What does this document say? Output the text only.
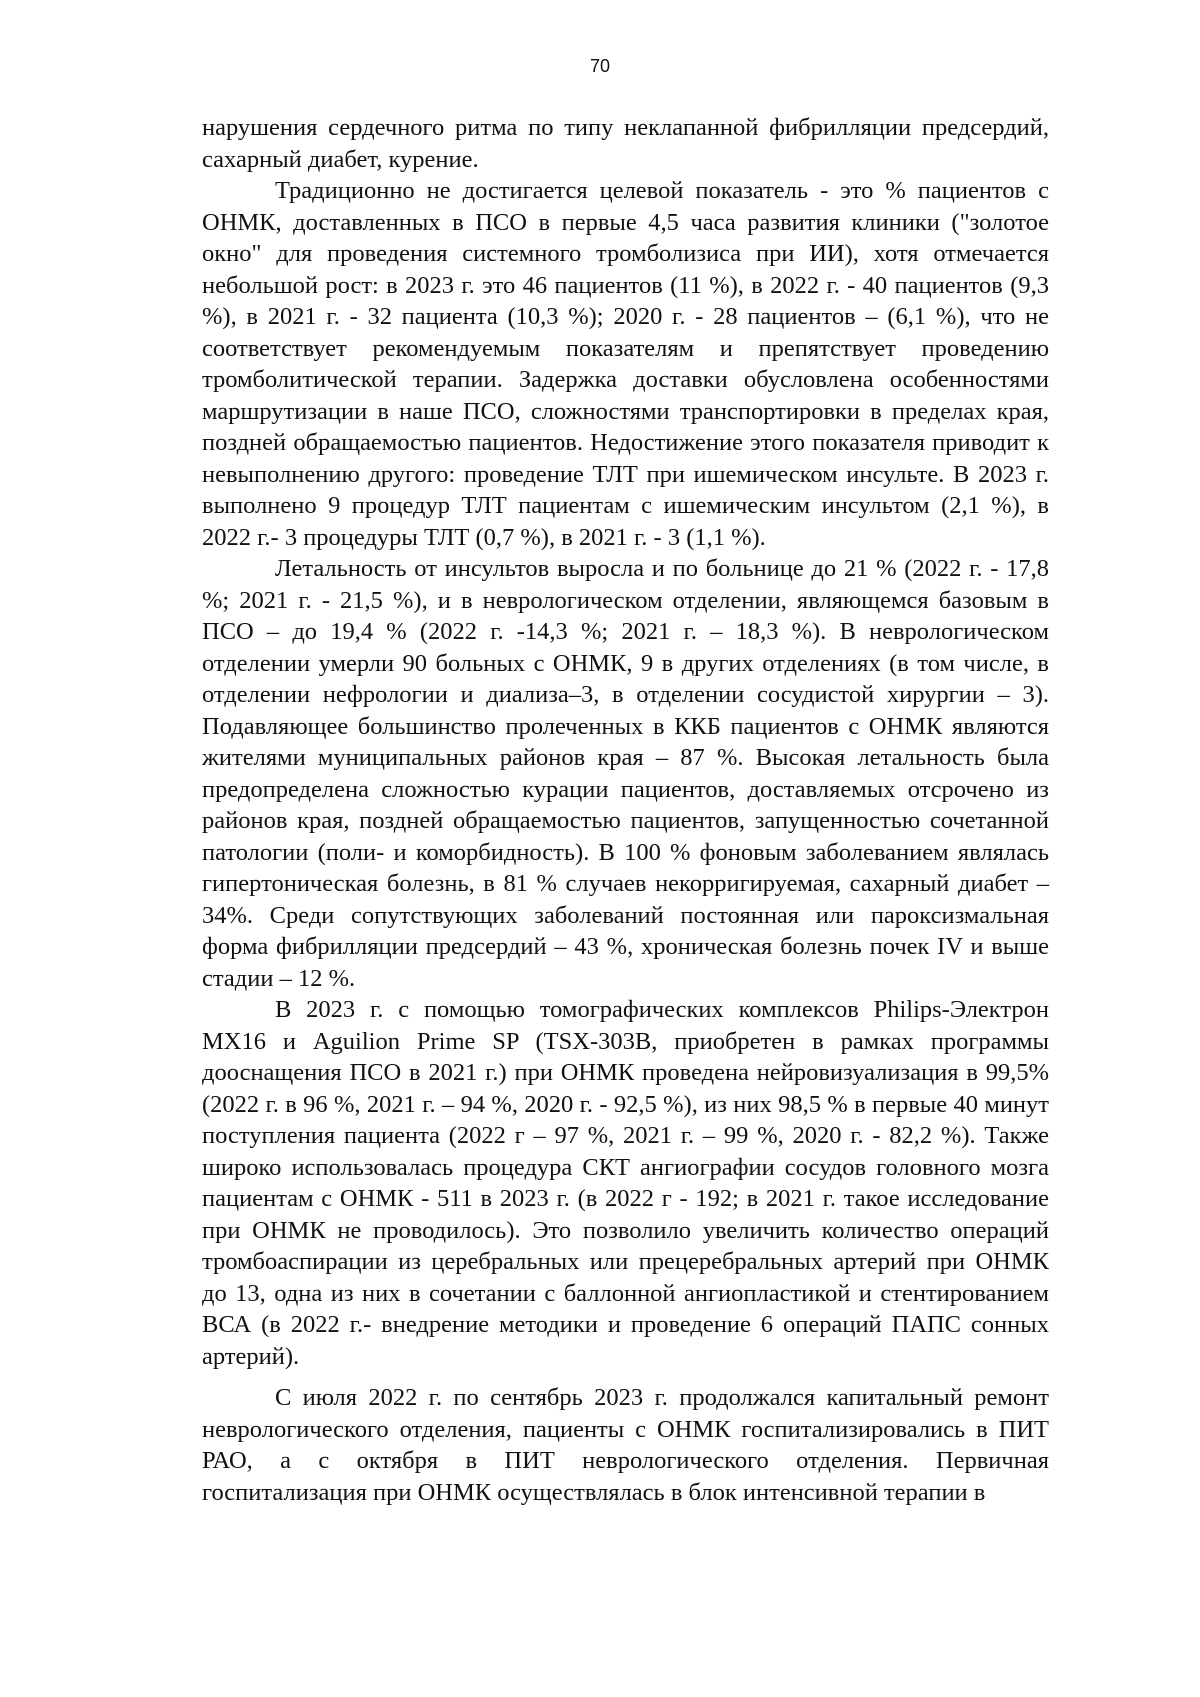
70

нарушения сердечного ритма по типу неклапанной фибрилляции предсердий, сахарный диабет, курение.

Традиционно не достигается целевой показатель - это % пациентов с ОНМК, доставленных в ПСО в первые 4,5 часа развития клиники ("золотое окно" для проведения системного тромболизиса при ИИ), хотя отмечается небольшой рост: в 2023 г. это 46 пациентов (11 %), в 2022 г. - 40 пациентов (9,3 %), в 2021 г. - 32 пациента (10,3 %); 2020 г. - 28 пациентов – (6,1 %), что не соответствует рекомендуемым показателям и препятствует проведению тромболитической терапии. Задержка доставки обусловлена особенностями маршрутизации в наше ПСО, сложностями транспортировки в пределах края, поздней обращаемостью пациентов. Недостижение этого показателя приводит к невыполнению другого: проведение ТЛТ при ишемическом инсульте. В 2023 г. выполнено 9 процедур ТЛТ пациентам с ишемическим инсультом (2,1 %), в 2022 г.- 3 процедуры ТЛТ (0,7 %), в 2021 г. - 3 (1,1 %).

Летальность от инсультов выросла и по больнице до 21 % (2022 г. - 17,8 %; 2021 г. - 21,5 %), и в неврологическом отделении, являющемся базовым в ПСО – до 19,4 % (2022 г. -14,3 %; 2021 г. – 18,3 %). В неврологическом отделении умерли 90 больных с ОНМК, 9 в других отделениях (в том числе, в отделении нефрологии и диализа–3, в отделении сосудистой хирургии – 3). Подавляющее большинство пролеченных в ККБ пациентов с ОНМК являются жителями муниципальных районов края – 87 %. Высокая летальность была предопределена сложностью курации пациентов, доставляемых отсрочено из районов края, поздней обращаемостью пациентов, запущенностью сочетанной патологии (поли- и коморбидность). В 100 % фоновым заболеванием являлась гипертоническая болезнь, в 81 % случаев некорригируемая, сахарный диабет – 34%. Среди сопутствующих заболеваний постоянная или пароксизмальная форма фибрилляции предсердий – 43 %, хроническая болезнь почек IV и выше стадии – 12 %.

В 2023 г. с помощью томографических комплексов Philips-Электрон MX16 и Aguilion Prime SP (TSX-303B, приобретен в рамках программы дооснащения ПСО в 2021 г.) при ОНМК проведена нейровизуализация в 99,5% (2022 г. в 96 %, 2021 г. – 94 %, 2020 г. - 92,5 %), из них 98,5 % в первые 40 минут поступления пациента (2022 г – 97 %, 2021 г. – 99 %, 2020 г. - 82,2 %). Также широко использовалась процедура СКТ ангиографии сосудов головного мозга пациентам с ОНМК - 511 в 2023 г. (в 2022 г - 192; в 2021 г. такое исследование при ОНМК не проводилось). Это позволило увеличить количество операций тромбоаспирации из церебральных или прецеребральных артерий при ОНМК до 13, одна из них в сочетании с баллонной ангиопластикой и стентированием ВСА (в 2022 г.- внедрение методики и проведение 6 операций ПАПС сонных артерий).

С июля 2022 г. по сентябрь 2023 г. продолжался капитальный ремонт неврологического отделения, пациенты с ОНМК госпитализировались в ПИТ РАО, а с октября в ПИТ неврологического отделения. Первичная госпитализация при ОНМК осуществлялась в блок интенсивной терапии в
